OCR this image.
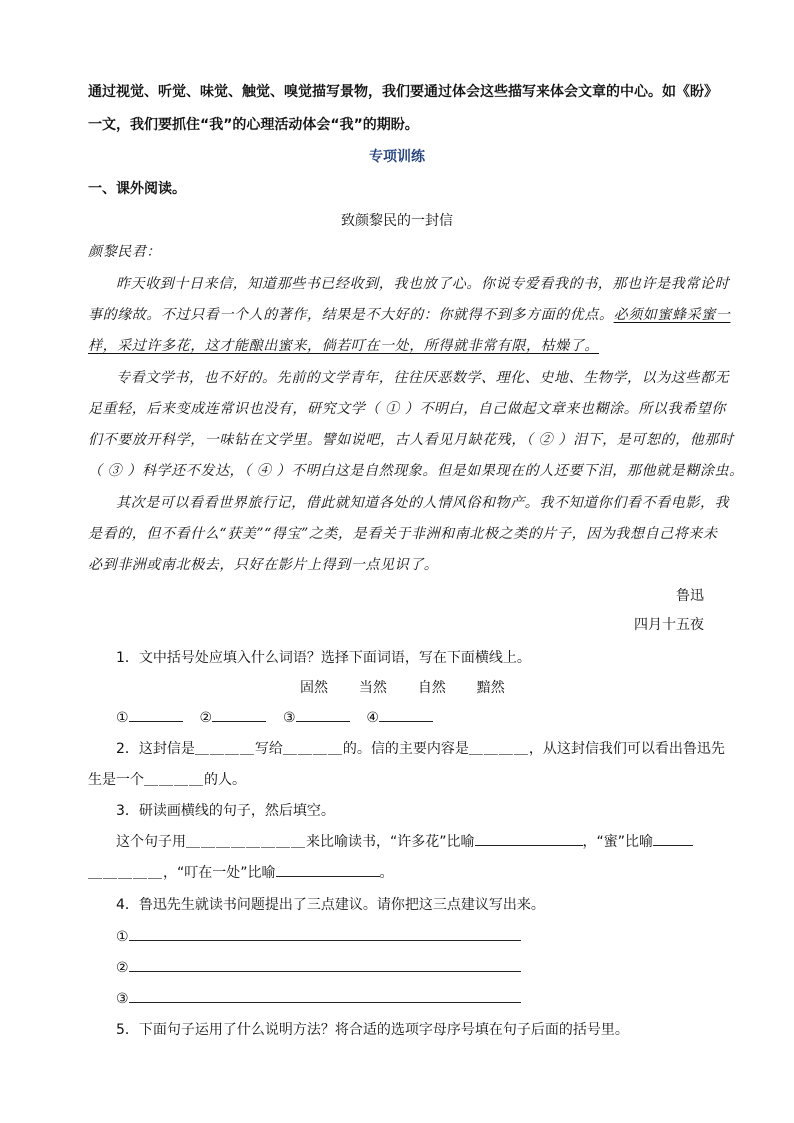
通过视觉、听觉、味觉、触觉、嗅觉描写景物，我们要通过体会这些描写来体会文章的中心。如《盼》
一文，我们要抓住“我”的心理活动体会“我”的期盼。
专项训练
一、课外阅读。
致颜黎民的一封信
颜黎民君：
昨天收到十日来信，知道那些书已经收到，我也放了心。你说专爱看我的书，那也许是我常论时
事的缘故。不过只看一个人的著作，结果是不大好的：你就得不到多方面的优点。必须如蜜蜂采蜜一
样，采过许多花，这才能酿出蜜来，倘若叮在一处，所得就非常有限，枯燥了。
专看文学书，也不好的。先前的文学青年，往往厌恶数学、理化、史地、生物学，以为这些都无
足重轻，后来变成连常识也没有，研究文学（ ① ）不明白，自己做起文章来也糊涂。所以我希望你
们不要放开科学，一味钻在文学里。譬如说吧，古人看见月缺花残，（ ② ）泪下，是可恕的，他那时
（ ③ ）科学还不发达，（ ④ ）不明白这是自然现象。但是如果现在的人还要下泪，那他就是糊涂虫。
其次是可以看看世界旅行记，借此就知道各处的人情风俗和物产。我不知道你们看不看电影，我
是看的，但不看什么“获美”“得宝”之类，是看关于非洲和南北极之类的片子，因为我想自己将来未
必到非洲或南北极去，只好在影片上得到一点见识了。
鲁迅
四月十五夜
1．文中括号处应填入什么词语？选择下面词语，写在下面横线上。
固然 当然 自然 黯然
①	②	③	④
2．这封信是＿＿＿＿写给＿＿＿＿的。信的主要内容是＿＿＿＿，从这封信我们可以看出鲁迅先
生是一个＿＿＿＿的人。
3．研读画横线的句子，然后填空。
这个句子用＿＿＿＿＿＿＿＿来比喻读书，“许多花”比喻	，“蜜”比喻
＿＿＿＿＿，“叮在一处”比喻	。
4．鲁迅先生就读书问题提出了三点建议。请你把这三点建议写出来。
①
②
③
5．下面句子运用了什么说明方法？将合适的选项字母序号填在句子后面的括号里。
